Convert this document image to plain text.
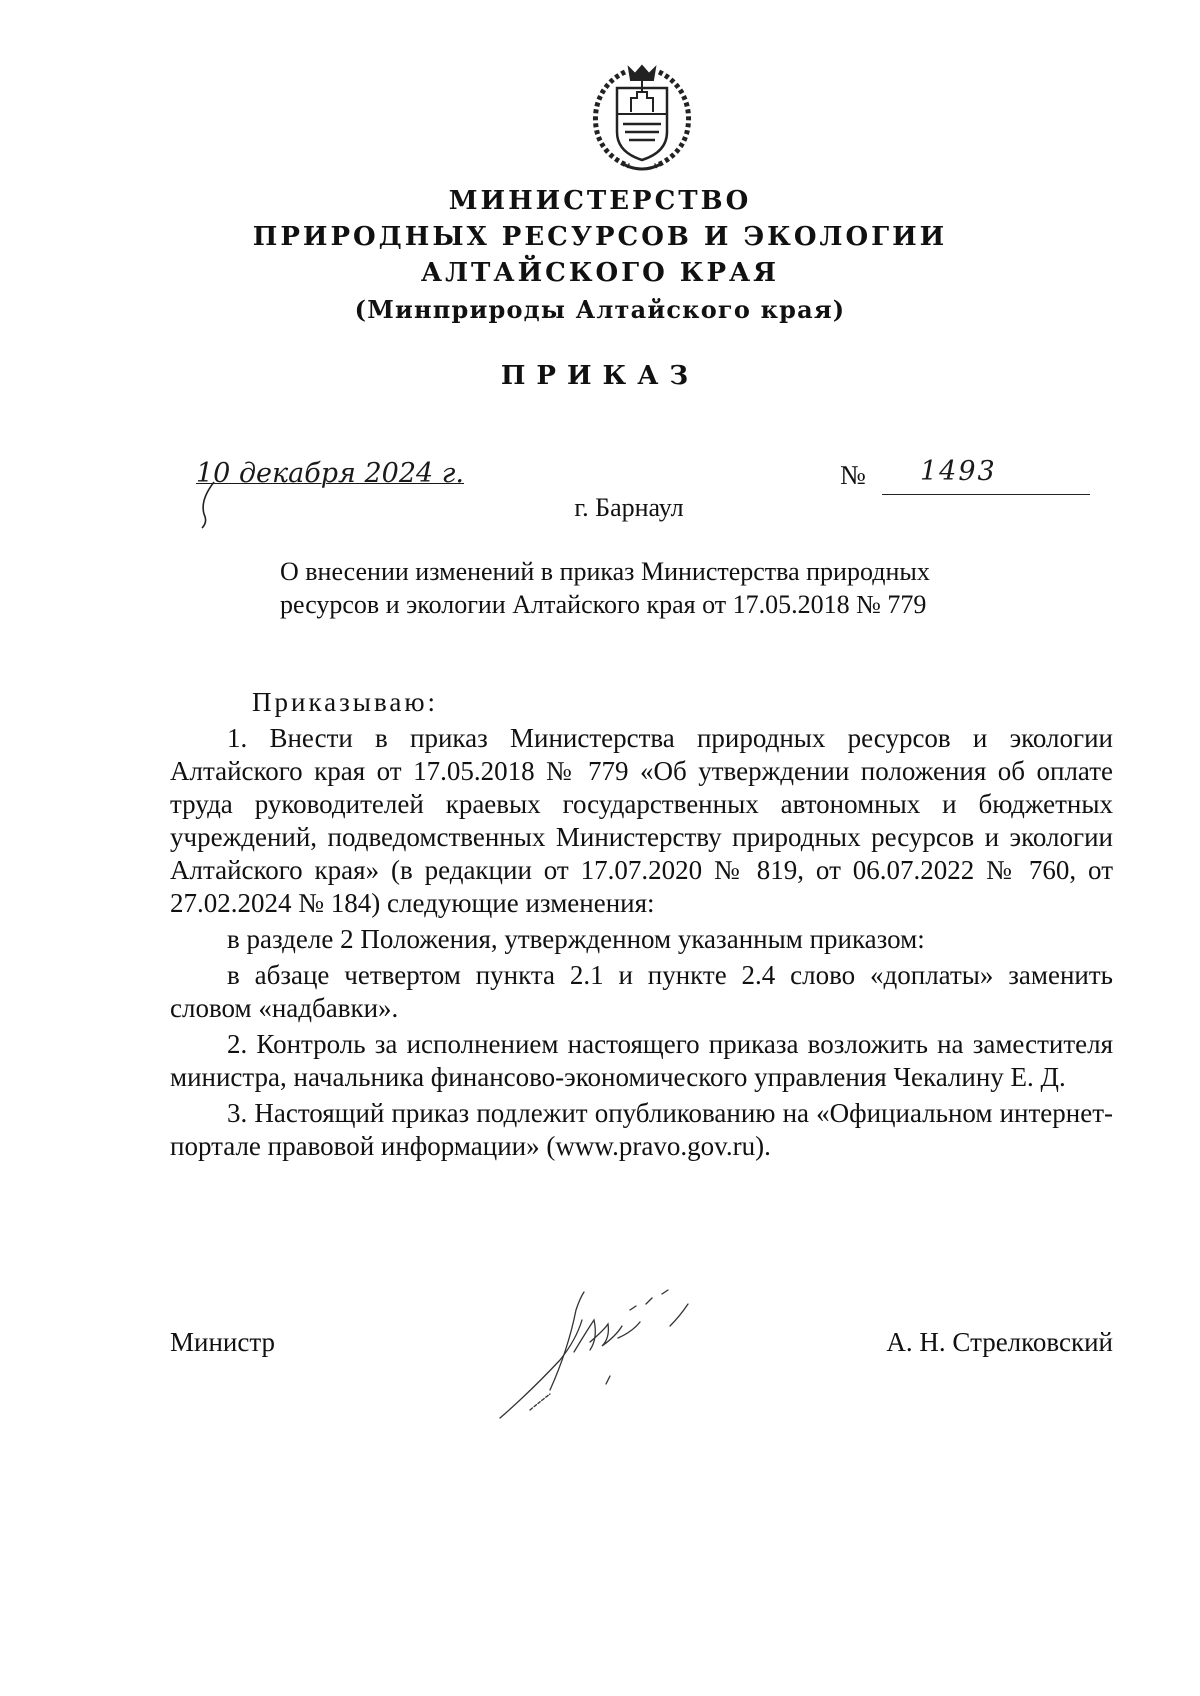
МИНИСТЕРСТВО
ПРИРОДНЫХ РЕСУРСОВ И ЭКОЛОГИИ
АЛТАЙСКОГО КРАЯ
(Минприроды Алтайского края)
ПРИКАЗ
10 декабря 2024 г.	№ 1493
г. Барнаул
О внесении изменений в приказ Министерства природных
ресурсов и экологии Алтайского края от 17.05.2018 № 779

Приказываю:

1. Внести в приказ Министерства природных ресурсов и экологии Алтайского края от 17.05.2018 № 779 «Об утверждении положения об оплате труда руководителей краевых государственных автономных и бюджетных учреждений, подведомственных Министерству природных ресурсов и экологии Алтайского края» (в редакции от 17.07.2020 № 819, от 06.07.2022 № 760, от 27.02.2024 № 184) следующие изменения:

в разделе 2 Положения, утвержденном указанным приказом:

в абзаце четвертом пункта 2.1 и пункте 2.4 слово «доплаты» заменить словом «надбавки».

2. Контроль за исполнением настоящего приказа возложить на заместителя министра, начальника финансово-экономического управления Чекалину Е. Д.

3. Настоящий приказ подлежит опубликованию на «Официальном интернет-портале правовой информации» (www.pravo.gov.ru).

Министр	А. Н. Стрелковский
